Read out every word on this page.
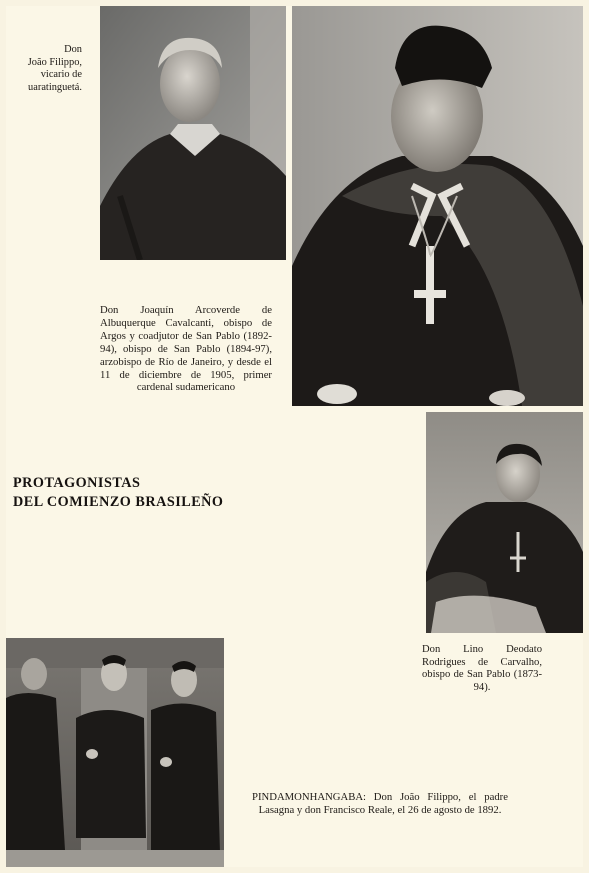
Don
João Filippo,
vicario de
uaratinguetá.
Don Joaquín Arcoverde de Albuquerque Cavalcanti, obispo de Argos y coadjutor de San Pablo (1892-94), obispo de San Pablo (1894-97), arzobispo de Río de Janeiro, y desde el 11 de diciembre de 1905, primer cardenal sudamericano
PROTAGONISTAS
DEL COMIENZO BRASILEÑO
Don Lino Deodato Rodrigues de Carvalho, obispo de San Pablo (1873-94).
PINDAMONHANGABA: Don João Filippo, el padre Lasagna y don Francisco Reale, el 26 de agosto de 1892.
